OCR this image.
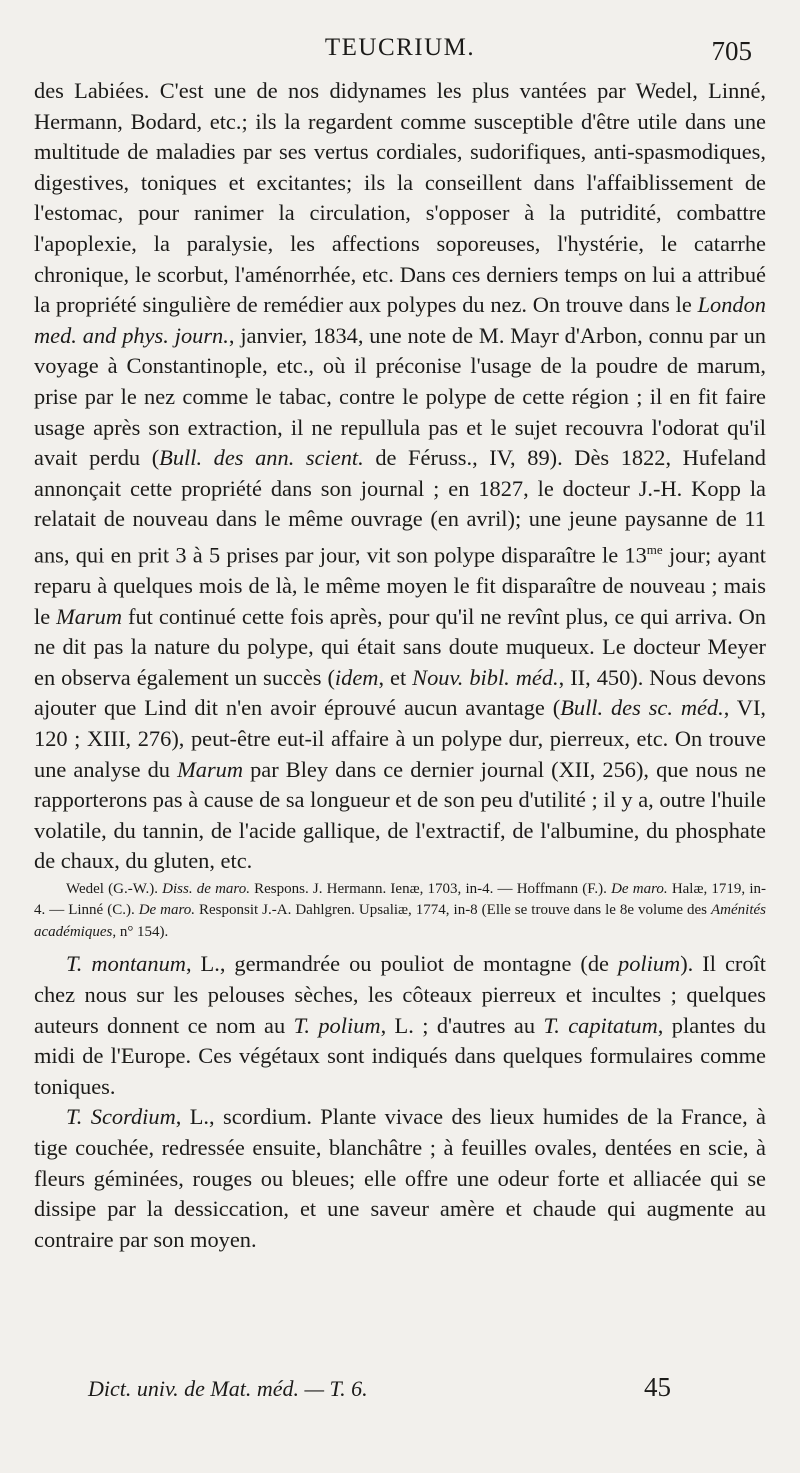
TEUCRIUM.	705

des Labiées. C'est une de nos didynames les plus vantées par Wedel, Linné, Hermann, Bodard, etc.; ils la regardent comme susceptible d'être utile dans une multitude de maladies par ses vertus cordiales, sudorifiques, anti-spasmodiques, digestives, toniques et excitantes; ils la conseillent dans l'affaiblissement de l'estomac, pour ranimer la circulation, s'opposer à la putridité, combattre l'apoplexie, la paralysie, les affections soporeuses, l'hystérie, le catarrhe chronique, le scorbut, l'aménorrhée, etc. Dans ces derniers temps on lui a attribué la propriété singulière de remédier aux polypes du nez. On trouve dans le London med. and phys. journ., janvier, 1834, une note de M. Mayr d'Arbon, connu par un voyage à Constantinople, etc., où il préconise l'usage de la poudre de marum, prise par le nez comme le tabac, contre le polype de cette région ; il en fit faire usage après son extraction, il ne repullula pas et le sujet recouvra l'odorat qu'il avait perdu (Bull. des ann. scient. de Féruss., IV, 89). Dès 1822, Hufeland annonçait cette propriété dans son journal ; en 1827, le docteur J.-H. Kopp la relatait de nouveau dans le même ouvrage (en avril); une jeune paysanne de 11 ans, qui en prit 3 à 5 prises par jour, vit son polype disparaître le $13^{me}$ jour; ayant reparu à quelques mois de là, le même moyen le fit disparaître de nouveau ; mais le Marum fut continué cette fois après, pour qu'il ne revînt plus, ce qui arriva. On ne dit pas la nature du polype, qui était sans doute muqueux. Le docteur Meyer en observa également un succès (idem, et Nouv. bibl. méd., II, 450). Nous devons ajouter que Lind dit n'en avoir éprouvé aucun avantage (Bull. des sc. méd., VI, 120 ; XIII, 276), peut-être eut-il affaire à un polype dur, pierreux, etc. On trouve une analyse du Marum par Bley dans ce dernier journal (XII, 256), que nous ne rapporterons pas à cause de sa longueur et de son peu d'utilité ; il y a, outre l'huile volatile, du tannin, de l'acide gallique, de l'extractif, de l'albumine, du phosphate de chaux, du gluten, etc.

Wedel (G.-W.). Diss. de maro. Respons. J. Hermann. Ienæ, 1703, in-4. — Hoffmann (F.). De maro. Halæ, 1719, in-4. — Linné (C.). De maro. Responsit J.-A. Dahlgren. Upsaliæ, 1774, in-8 (Elle se trouve dans le 8e volume des Aménités académiques, n° 154).

T. montanum, L., germandrée ou pouliot de montagne (de polium). Il croît chez nous sur les pelouses sèches, les côteaux pierreux et incultes ; quelques auteurs donnent ce nom au T. polium, L. ; d'autres au T. capitatum, plantes du midi de l'Europe. Ces végétaux sont indiqués dans quelques formulaires comme toniques.

T. Scordium, L., scordium. Plante vivace des lieux humides de la France, à tige couchée, redressée ensuite, blanchâtre ; à feuilles ovales, dentées en scie, à fleurs géminées, rouges ou bleues; elle offre une odeur forte et alliacée qui se dissipe par la dessiccation, et une saveur amère et chaude qui augmente au contraire par son moyen.

Dict. univ. de Mat. méd. — T. 6.	45
